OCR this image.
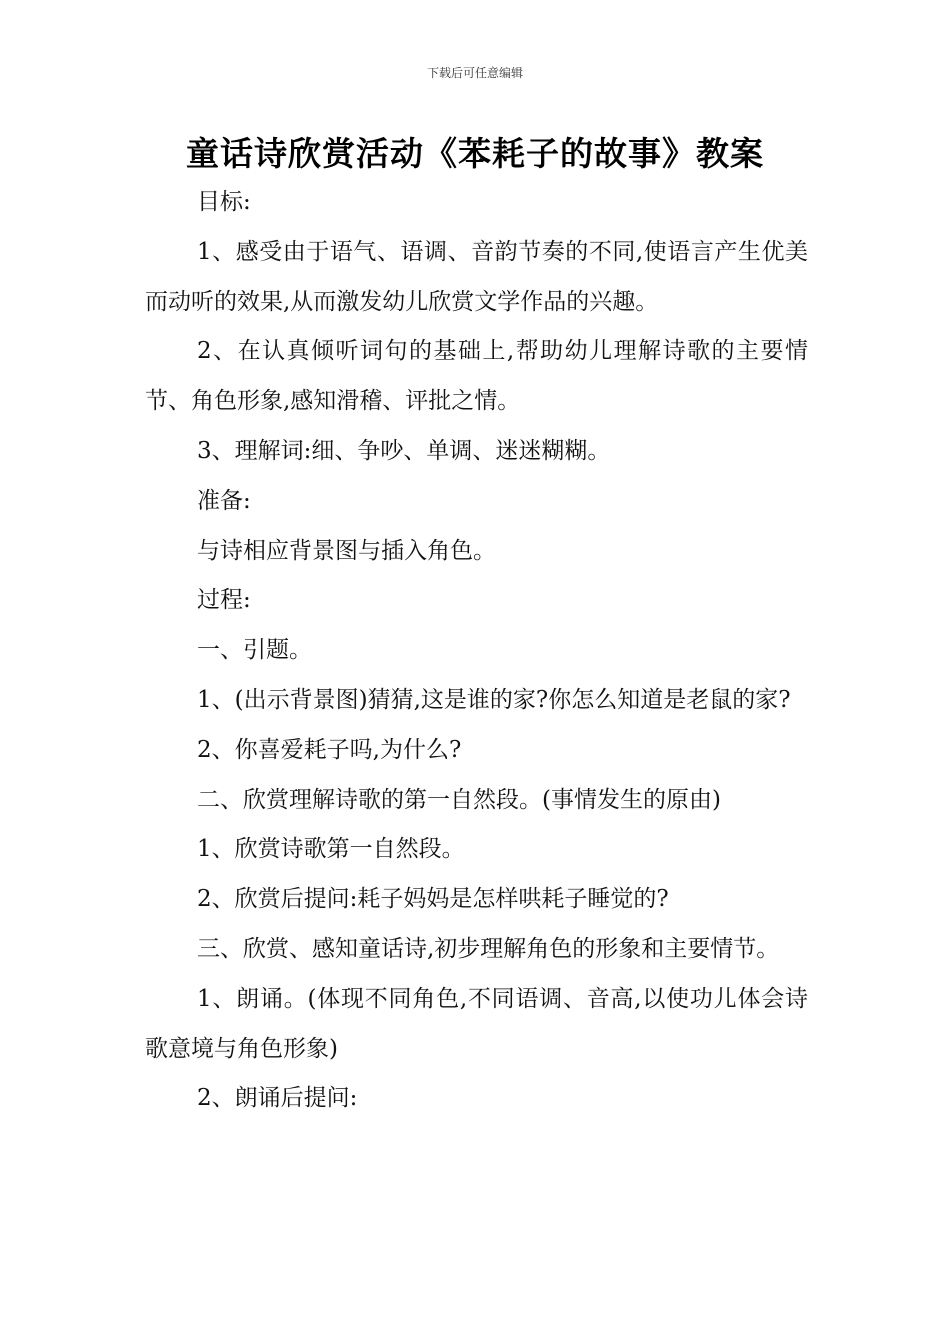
下载后可任意编辑
童话诗欣赏活动《苯耗子的故事》教案

目标:

1、感受由于语气、语调、音韵节奏的不同,使语言产生优美而动听的效果,从而激发幼儿欣赏文学作品的兴趣。

2、在认真倾听词句的基础上,帮助幼儿理解诗歌的主要情节、角色形象,感知滑稽、评批之情。

3、理解词:细、争吵、单调、迷迷糊糊。

准备:

与诗相应背景图与插入角色。

过程:

一、引题。

1、(出示背景图)猜猜,这是谁的家?你怎么知道是老鼠的家?

2、你喜爱耗子吗,为什么?

二、欣赏理解诗歌的第一自然段。(事情发生的原由)

1、欣赏诗歌第一自然段。

2、欣赏后提问:耗子妈妈是怎样哄耗子睡觉的?

三、欣赏、感知童话诗,初步理解角色的形象和主要情节。

1、朗诵。(体现不同角色,不同语调、音高,以使功儿体会诗歌意境与角色形象)

2、朗诵后提问:
